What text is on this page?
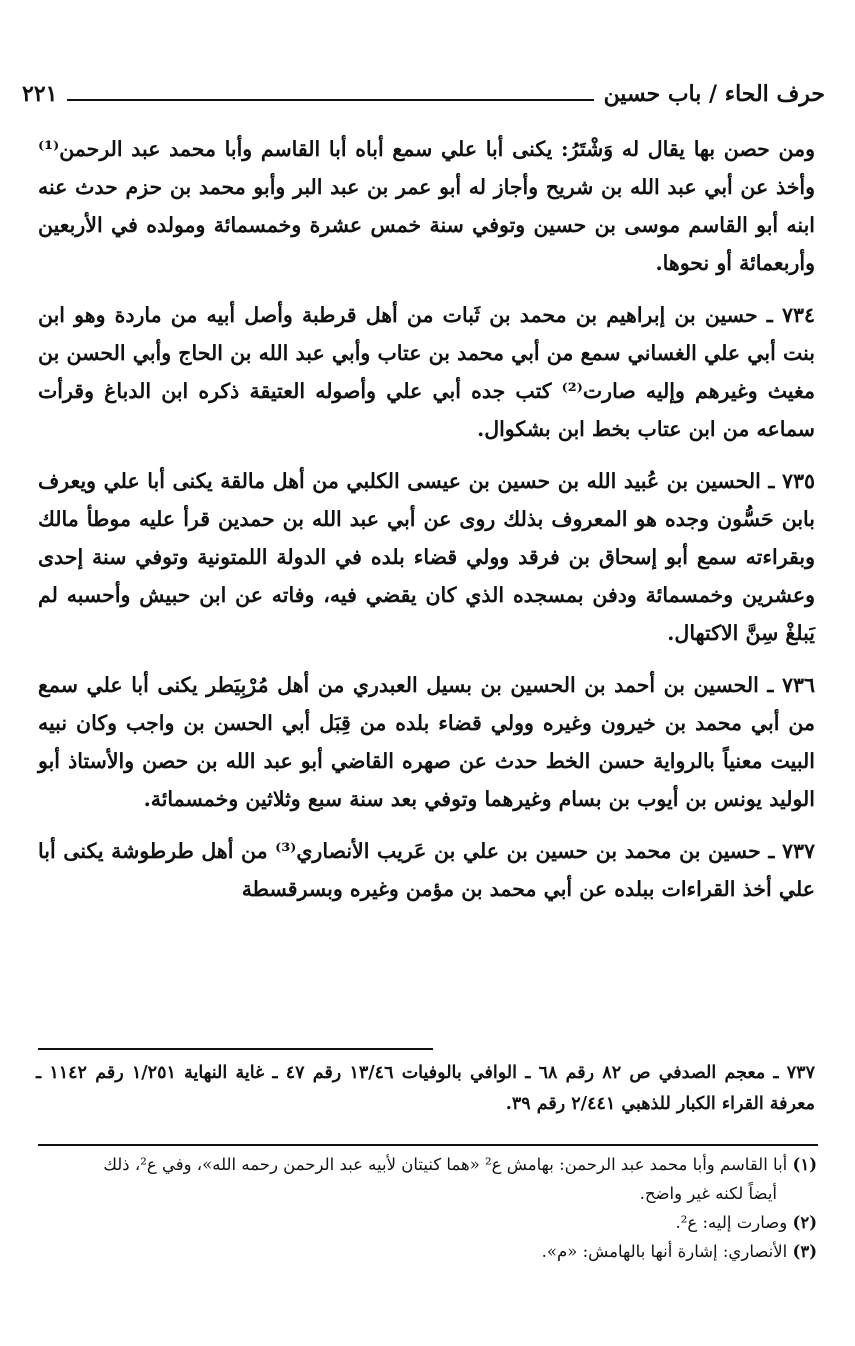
حرف الحاء / باب حسين
٢٢١

ومن حصن بها يقال له وَشْتَرُ: يكنى أبا علي سمع أباه أبا القاسم وأبا محمد عبد الرحمن⁽¹⁾ وأخذ عن أبي عبد الله بن شريح وأجاز له أبو عمر بن عبد البر وأبو محمد بن حزم حدث عنه ابنه أبو القاسم موسى بن حسين وتوفي سنة خمس عشرة وخمسمائة ومولده في الأربعين وأربعمائة أو نحوها.

٧٣٤ ـ حسين بن إبراهيم بن محمد بن ثَبات من أهل قرطبة وأصل أبيه من ماردة وهو ابن بنت أبي علي الغساني سمع من أبي محمد بن عتاب وأبي عبد الله بن الحاج وأبي الحسن بن مغيث وغيرهم وإليه صارت⁽²⁾ كتب جده أبي علي وأصوله العتيقة ذكره ابن الدباغ وقرأت سماعه من ابن عتاب بخط ابن بشكوال.

٧٣٥ ـ الحسين بن عُبيد الله بن حسين بن عيسى الكلبي من أهل مالقة يكنى أبا علي ويعرف بابن حَسُّون وجده هو المعروف بذلك روى عن أبي عبد الله بن حمدين قرأ عليه موطأ مالك وبقراءته سمع أبو إسحاق بن فرقد وولي قضاء بلده في الدولة اللمتونية وتوفي سنة إحدى وعشرين وخمسمائة ودفن بمسجده الذي كان يقضي فيه، وفاته عن ابن حبيش وأحسبه لم يَبلغْ سِنَّ الاكتهال.

٧٣٦ ـ الحسين بن أحمد بن الحسين بن بسيل العبدري من أهل مُرْبِيَطر يكنى أبا علي سمع من أبي محمد بن خيرون وغيره وولي قضاء بلده من قِبَل أبي الحسن بن واجب وكان نبيه البيت معنياً بالرواية حسن الخط حدث عن صهره القاضي أبو عبد الله بن حصن والأستاذ أبو الوليد يونس بن أيوب بن بسام وغيرهما وتوفي بعد سنة سبع وثلاثين وخمسمائة.

٧٣٧ ـ حسين بن محمد بن حسين بن علي بن عَريب الأنصاري⁽³⁾ من أهل طرطوشة يكنى أبا علي أخذ القراءات ببلده عن أبي محمد بن مؤمن وغيره وبسرقسطة

٧٣٧ ـ معجم الصدفي ص ٨٢ رقم ٦٨ ـ الوافي بالوفيات ١٣/٤٦ رقم ٤٧ ـ غاية النهاية ١/٢٥١ رقم ١١٤٢ ـ معرفة القراء الكبار للذهبي ٢/٤٤١ رقم ٣٩.

(١) أبا القاسم وأبا محمد عبد الرحمن: بهامش ع² «هما كنيتان لأبيه عبد الرحمن رحمه الله»، وفي ع²، ذلك

أيضاً لكنه غير واضح.

(٢) وصارت إليه: ع².

(٣) الأنصاري: إشارة أنها بالهامش: «م».
